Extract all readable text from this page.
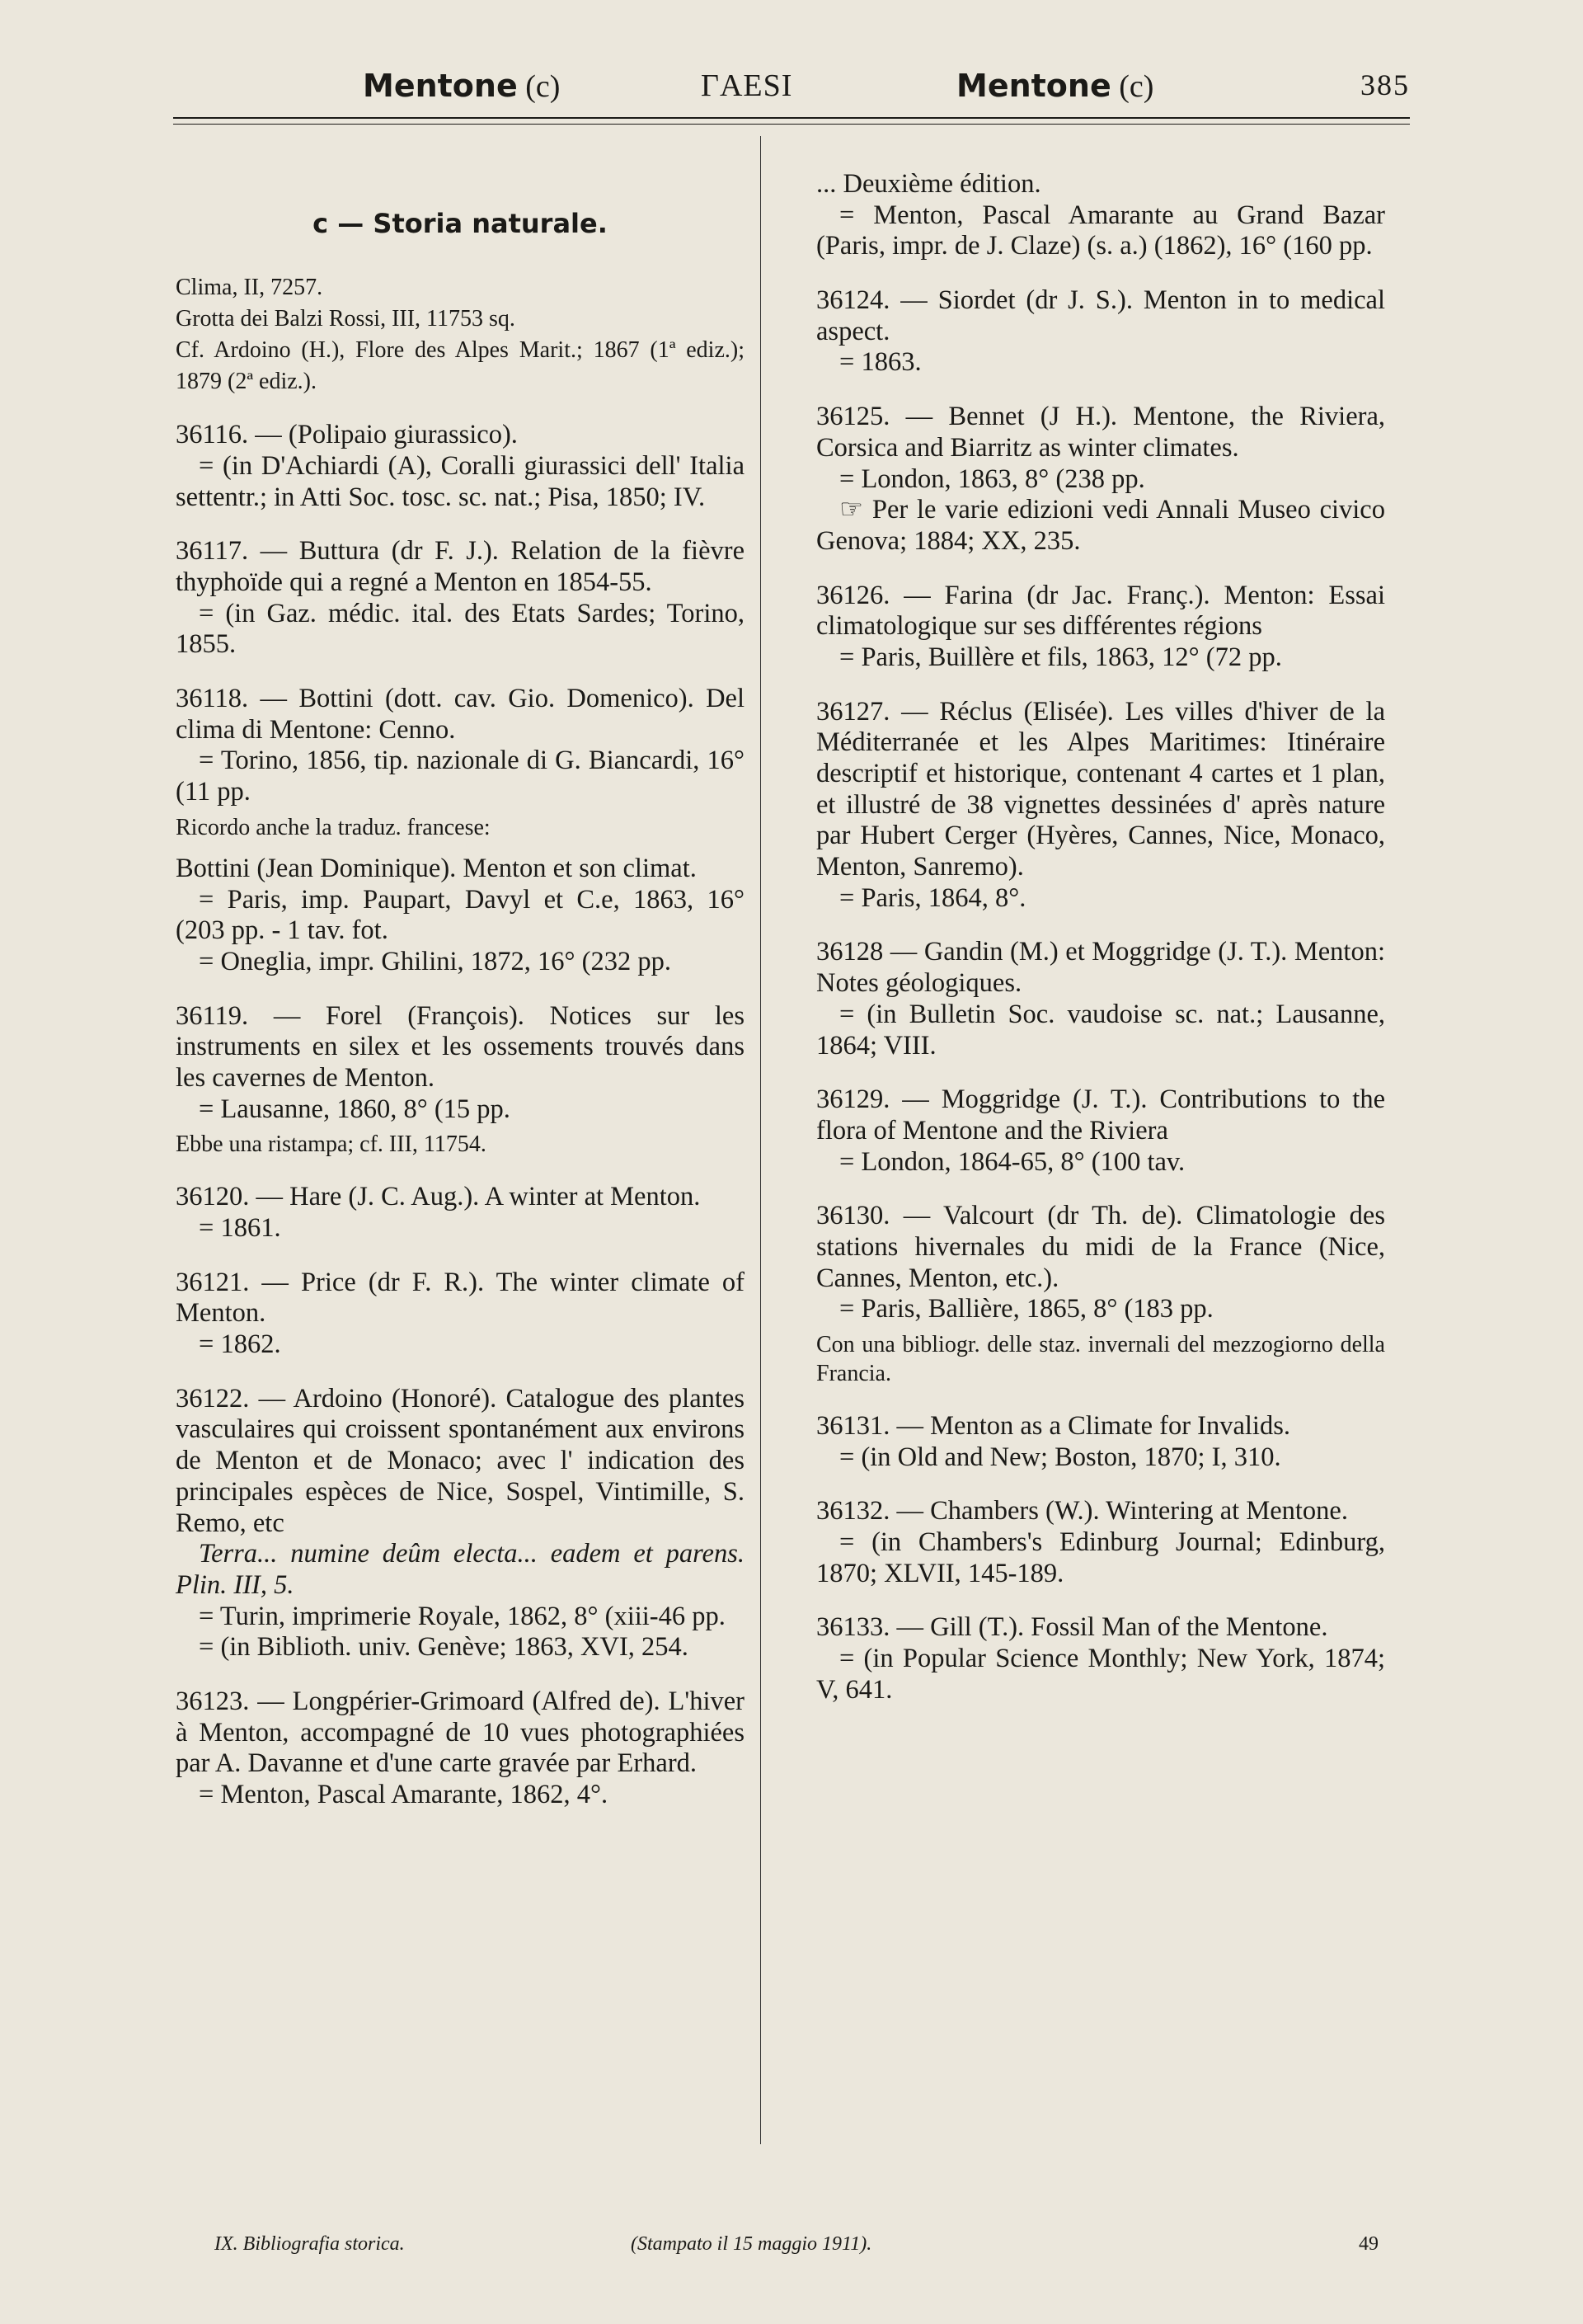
Mentone (c)	ΓAESI	Mentone (c)	385
c — Storia naturale.

Clima, II, 7257.

Grotta dei Balzi Rossi, III, 11753 sq.

Cf. Ardoino (H.), Flore des Alpes Marit.; 1867 (1ª ediz.); 1879 (2ª ediz.).

36116. — (Polipaio giurassico).

= (in D'Achiardi (A), Coralli giurassici dell' Italia settentr.; in Atti Soc. tosc. sc. nat.; Pisa, 1850; IV.

36117. — Buttura (dr F. J.). Relation de la fièvre thyphoïde qui a regné a Menton en 1854-55.

= (in Gaz. médic. ital. des Etats Sardes; Torino, 1855.

36118. — Bottini (dott. cav. Gio. Domenico). Del clima di Mentone: Cenno.

= Torino, 1856, tip. nazionale di G. Biancardi, 16° (11 pp.

Ricordo anche la traduz. francese:

Bottini (Jean Dominique). Menton et son climat.

= Paris, imp. Paupart, Davyl et C.e, 1863, 16° (203 pp. - 1 tav. fot.

= Oneglia, impr. Ghilini, 1872, 16° (232 pp.

36119. — Forel (François). Notices sur les instruments en silex et les ossements trouvés dans les cavernes de Menton.

= Lausanne, 1860, 8° (15 pp.

Ebbe una ristampa; cf. III, 11754.

36120. — Hare (J. C. Aug.). A winter at Menton.

= 1861.

36121. — Price (dr F. R.). The winter climate of Menton.

= 1862.

36122. — Ardoino (Honoré). Catalogue des plantes vasculaires qui croissent spontanément aux environs de Menton et de Monaco; avec l' indication des principales espèces de Nice, Sospel, Vintimille, S. Remo, etc

Terra... numine deûm electa... eadem et parens. Plin. III, 5.

= Turin, imprimerie Royale, 1862, 8° (xiii-46 pp.

= (in Biblioth. univ. Genève; 1863, XVI, 254.

36123. — Longpérier-Grimoard (Alfred de). L'hiver à Menton, accompagné de 10 vues photographiées par A. Davanne et d'une carte gravée par Erhard.

= Menton, Pascal Amarante, 1862, 4°.

... Deuxième édition.

= Menton, Pascal Amarante au Grand Bazar (Paris, impr. de J. Claze) (s. a.) (1862), 16° (160 pp.

36124. — Siordet (dr J. S.). Menton in to medical aspect.

= 1863.

36125. — Bennet (J H.). Mentone, the Riviera, Corsica and Biarritz as winter climates.

= London, 1863, 8° (238 pp.

☞ Per le varie edizioni vedi Annali Museo civico Genova; 1884; XX, 235.

36126. — Farina (dr Jac. Franç.). Menton: Essai climatologique sur ses différentes régions

= Paris, Buillère et fils, 1863, 12° (72 pp.

36127. — Réclus (Elisée). Les villes d'hiver de la Méditerranée et les Alpes Maritimes: Itinéraire descriptif et historique, contenant 4 cartes et 1 plan, et illustré de 38 vignettes dessinées d' après nature par Hubert Cerger (Hyères, Cannes, Nice, Monaco, Menton, Sanremo).

= Paris, 1864, 8°.

36128 — Gandin (M.) et Moggridge (J. T.). Menton: Notes géologiques.

= (in Bulletin Soc. vaudoise sc. nat.; Lausanne, 1864; VIII.

36129. — Moggridge (J. T.). Contributions to the flora of Mentone and the Riviera

= London, 1864-65, 8° (100 tav.

36130. — Valcourt (dr Th. de). Climatologie des stations hivernales du midi de la France (Nice, Cannes, Menton, etc.).

= Paris, Ballière, 1865, 8° (183 pp.

Con una bibliogr. delle staz. invernali del mezzogiorno della Francia.

36131. — Menton as a Climate for Invalids.

= (in Old and New; Boston, 1870; I, 310.

36132. — Chambers (W.). Wintering at Mentone.

= (in Chambers's Edinburg Journal; Edinburg, 1870; XLVII, 145-189.

36133. — Gill (T.). Fossil Man of the Mentone.

= (in Popular Science Monthly; New York, 1874; V, 641.

IX. Bibliografia storica.	(Stampato il 15 maggio 1911).	49
